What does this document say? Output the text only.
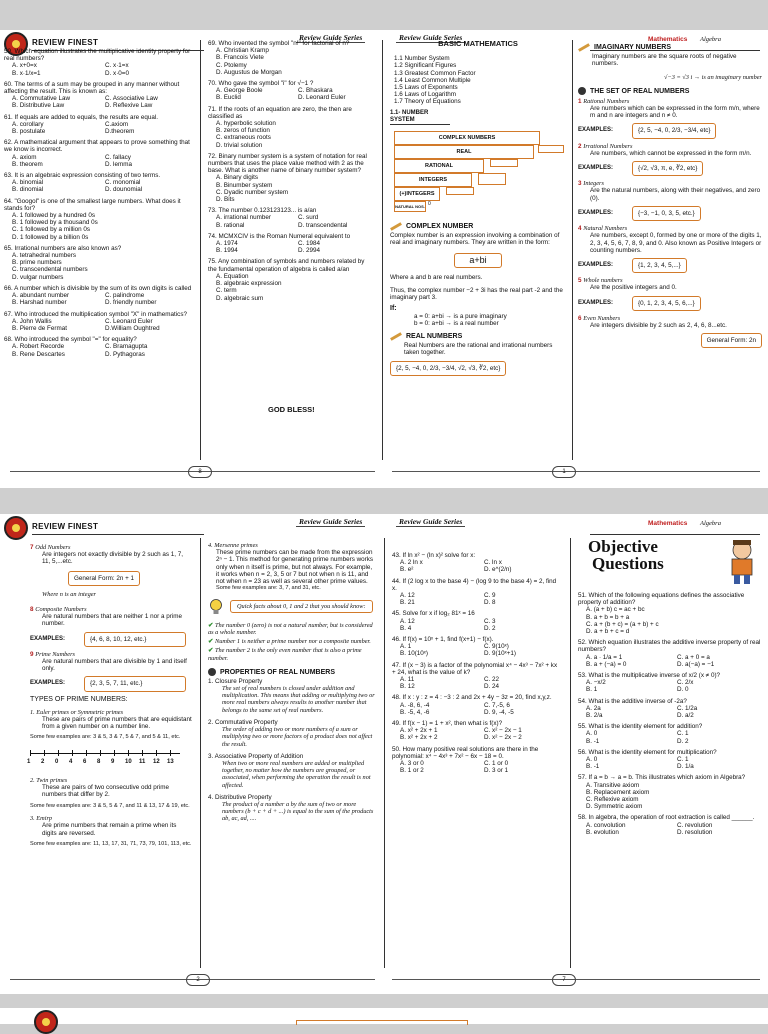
REVIEW FINEST
Review Guide Series	Review Guide Series	Mathematics Algebra
59. Which equation illustrates the multiplicative identity property for real numbers?
A. x+0=x	C. x·1=x
B. x·1/x=1	D. x·0=0
60. The terms of a sum may be grouped in any manner without affecting the result. This is known as:
A. Commutative Law	C. Associative Law
B. Distributive Law	D. Reflexive Law
61. If equals are added to equals, the results are equal.
A. corollary	C.axiom
B. postulate	D.theorem
62. A mathematical argument that appears to prove something that we know is incorrect.
A. axiom	C. fallacy
B. theorem	D. lemma
63. It is an algebraic expression consisting of two terms.
A. binomial	C. monomial
B. dinomial	D. dounomial
64. "Googol" is one of the smallest large numbers. What does it stands for?
A. 1 followed by a hundred 0s
B. 1 followed by a thousand 0s
C. 1 followed by a million 0s
D. 1 followed by a billion 0s
65. Irrational numbers are also known as?
A. tetrahedral numbers
B. prime numbers
C. transcendental numbers
D. vulgar numbers
66. A number which is divisible by the sum of its own digits is called
A. abundant number	C. palindrome
B. Harshad number	D. friendly number
67. Who introduced the multiplication symbol "X" in mathematics?
A. John Wallis	C. Leonard Euler
B. Pierre de Fermat	D.William Oughtred
68. Who introduced the symbol "=" for equality?
A. Robert Recorde	C. Bramagupta
B. Rene Descartes	D. Pythagoras
69. Who invented the symbol "n!" for factorial of n?
A. Christian Kramp
B. Francois Viete
C. Ptolemy
D. Augustus de Morgan
70. Who gave the symbol "i" for √−1 ?
A. George Boole	C. Bhaskara
B. Euclid	D. Leonard Euler
71. If the roots of an equation are zero, the then are classified as
A. hyperbolic solution
B. zeros of function
C. extraneous roots
D. trivial solution
72. Binary number system is a system of notation for real numbers that uses the place value method with 2 as the base. What is another name of binary number system?
A. Binary digits
B. Binumber system
C. Dyadic number system
D. Bits
73. The number 0.123123123... is a/an
A. irrational number	C. surd
B. rational	D. transcendental
74. MCMXCIV is the Roman Numeral equivalent to
A. 1974	C. 1984
B. 1994	D. 2994
75. Any combination of symbols and numbers related by the fundamental operation of algebra is called a/an
A. Equation
B. algebraic expression
C. term
D. algebraic sum
GOD BLESS!
BASIC MATHEMATICS
1.1 Number System
1.2 Significant Figures
1.3 Greatest Common Factor
1.4 Least Common Multiple
1.5 Laws of Exponents
1.6 Laws of Logarithm
1.7 Theory of Equations
1.1- NUMBER SYSTEM
COMPLEX NUMBERS
REAL
RATIONAL
INTEGERS
(+)INTEGERS
NATURAL NOS. 0
COMPLEX NUMBER
Complex number is an expression involving a combination of real and imaginary numbers. They are written in the form:
a+bi
Where a and b are real numbers.
Thus, the complex number −2 + 3i has the real part -2 and the imaginary part 3.
If:
a = 0: a+bi → is a pure imaginary
b = 0: a+bi → is a real number
REAL NUMBERS
Real Numbers are the rational and irrational numbers taken together.
{2, 5, −4, 0, 2/3, −3/4, √2, √3, ∛2, etc}
IMAGINARY NUMBERS
Imaginary numbers are the square roots of negative numbers.
√−3 = √3 i → is an imaginary number
THE SET OF REAL NUMBERS
1 Rational Numbers
Are numbers which can be expressed in the form m/n, where m and n are integers and n ≠ 0.
EXAMPLES:	{2, 5, −4, 0, 2/3, −3/4, etc}
2 Irrational Numbers
Are numbers, which cannot be expressed in the form m/n.
EXAMPLES:	{√2, √3, π, e, ∛2, etc}
3 Integers
Are the natural numbers, along with their negatives, and zero (0).
EXAMPLES:	{−3, −1, 0, 3, 5, etc.}
4 Natural Numbers
Are numbers, except 0, formed by one or more of the digits 1, 2, 3, 4, 5, 6, 7, 8, 9, and 0. Also known as Positive Integers or counting numbers.
EXAMPLES:	{1, 2, 3, 4, 5,...}
5 Whole numbers
Are the positive integers and 0.
EXAMPLES:	{0, 1, 2, 3, 4, 5, 6,...}
6 Even Numbers
Are integers divisible by 2 such as 2, 4, 6, 8...etc.
General Form: 2n
8	1
REVIEW FINEST
Review Guide Series	Review Guide Series	Mathematics Algebra
7 Odd Numbers
Are integers not exactly divisible by 2 such as 1, 7, 11, 5,...etc.
General Form: 2n + 1
Where n is an integer
8 Composite Numbers
Are natural numbers that are neither 1 nor a prime number.
EXAMPLES:	{4, 6, 8, 10, 12, etc.}
9 Prime Numbers
Are natural numbers that are divisible by 1 and itself only.
EXAMPLES:	{2, 3, 5, 7, 11, etc.}
TYPES OF PRIME NUMBERS:
1. Euler primes or Symmetric primes
These are pairs of prime numbers that are equidistant from a given number on a number line.
Some few examples are: 3 & 5, 3 & 7, 5 & 7, and 5 & 11, etc.
1 2 0 4 6 8 9 10 11 12 13
2. Twin primes
These are pairs of two consecutive odd prime numbers that differ by 2.
Some few examples are: 3 & 5, 5 & 7, and 11 & 13, 17 & 19, etc.
3. Emirp
Are prime numbers that remain a prime when its digits are reversed.
Some few examples are: 11, 13, 17, 31, 71, 73, 79, 101, 113, etc.
4. Mersenne primes
These prime numbers can be made from the expression 2ⁿ − 1. This method for generating prime numbers works only when n itself is prime, but not always. For example, it works when n = 2, 3, 5 or 7 but not when n is 11, and not when n = 23 as well as several other prime values.
Some few examples are: 3, 7, and 31, etc.
Quick facts about 0, 1 and 2 that you should know:
✔ The number 0 (zero) is not a natural number, but is considered as a whole number.
✔ Number 1 is neither a prime number nor a composite number.
✔ The number 2 is the only even number that is also a prime number.
PROPERTIES OF REAL NUMBERS
1. Closure Property
The set of real numbers is closed under addition and multiplication. This means that adding or multiplying two or more real numbers always results to another number that belongs to the same set of real numbers.
2. Commutative Property
The order of adding two or more numbers of a sum or multiplying two or more factors of a product does not affect the result.
3. Associative Property of Addition
When two or more real numbers are added or multiplied together, no matter how the numbers are grouped, or associated, when performing the operation the result is not affected.
4. Distributive Property
The product of a number a by the sum of two or more numbers (b + c + d + ...) is equal to the sum of the products ab, ac, ad, ....
43. If ln x² − (ln x)² solve for x:
A. 2 ln x	C. ln x
B. e²	D. e^(2/n)
44. If (2 log x to the base 4) − (log 9 to the base 4) = 2, find x.
A. 12	C. 9
B. 21	D. 8
45. Solve for x if log₂ 81ˣ = 16
A. 12	C. 3
B. 4	D. 2
46. If f(x) = 10ˣ + 1, find f(x+1) − f(x).
A. 1	C. 9(10ˣ)
B. 10(10ˣ)	D. 9(10ˣ+1)
47. If (x − 3) is a factor of the polynomial x⁴ − 4x³ − 7x² + kx + 24, what is the value of k?
A. 11	C. 22
B. 12	D. 24
48. If x : y : z = 4 : −3 : 2 and 2x + 4y − 3z = 20, find x,y,z.
A. -8, 6, -4	C. 7,-5, 6
B. -5, 4, -6	D. 9, -4, -5
49. If f(x − 1) = 1 + x², then what is f(x)?
A. x² + 2x + 1	C. x² − 2x − 1
B. x² + 2x + 2	D. x² − 2x − 2
50. How many positive real solutions are there in the polynomial: x⁴ − 4x³ + 7x² − 6x − 18 = 0.
A. 3 or 0	C. 1 or 0
B. 1 or 2	D. 3 or 1
Objective
Questions
51. Which of the following equations defines the associative property of addition?
A. (a + b) c = ac + bc
B. a + b = b + a
C. a + (b + c) = (a + b) + c
D. a + b + c = d
52. Which equation illustrates the additive inverse property of real numbers?
A. a · 1/a = 1	C. a + 0 = a
B. a + (−a) = 0	D. a(−a) = −1
53. What is the multiplicative inverse of x/2 (x ≠ 0)?
A. −x/2	C. 2/x
B. 1	D. 0
54. What is the additive inverse of -2a?
A. 2a	C. 1/2a
B. 2/a	D. a/2
55. What is the identity element for addition?
A. 0	C. 1
B. -1	D. 2
56. What is the identity element for multiplication?
A. 0	C. 1
B. -1	D. 1/a
57. If a = b → a = b. This illustrates which axiom in Algebra?
A. Transitive axiom
B. Replacement axiom
C. Reflexive axiom
D. Symmetric axiom
58. In algebra, the operation of root extraction is called ______.
A. convolution	C. revolution
B. evolution	D. resolution
2	7
